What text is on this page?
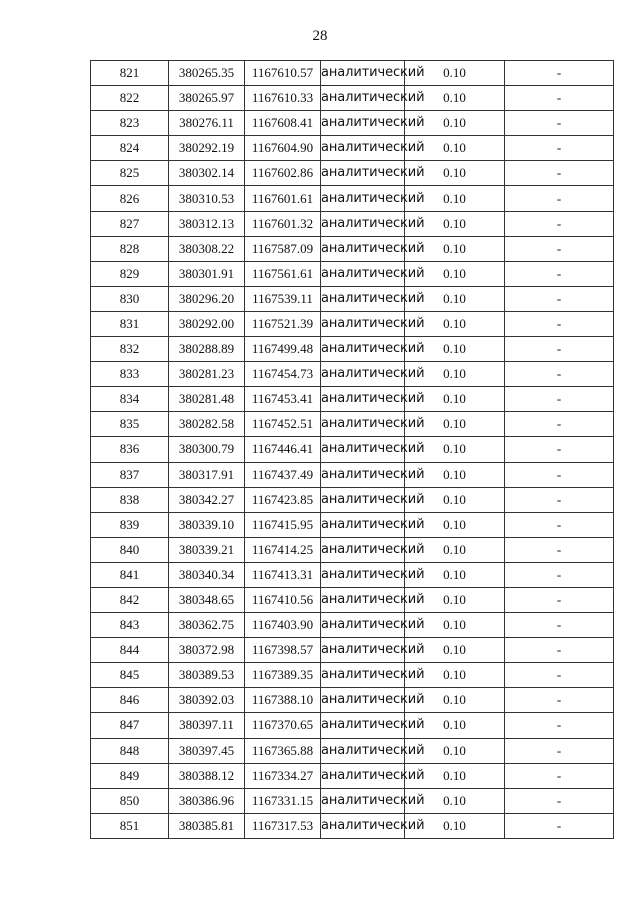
28
821	380265.35	1167610.57	аналитический	0.10	-
822	380265.97	1167610.33	аналитический	0.10	-
823	380276.11	1167608.41	аналитический	0.10	-
824	380292.19	1167604.90	аналитический	0.10	-
825	380302.14	1167602.86	аналитический	0.10	-
826	380310.53	1167601.61	аналитический	0.10	-
827	380312.13	1167601.32	аналитический	0.10	-
828	380308.22	1167587.09	аналитический	0.10	-
829	380301.91	1167561.61	аналитический	0.10	-
830	380296.20	1167539.11	аналитический	0.10	-
831	380292.00	1167521.39	аналитический	0.10	-
832	380288.89	1167499.48	аналитический	0.10	-
833	380281.23	1167454.73	аналитический	0.10	-
834	380281.48	1167453.41	аналитический	0.10	-
835	380282.58	1167452.51	аналитический	0.10	-
836	380300.79	1167446.41	аналитический	0.10	-
837	380317.91	1167437.49	аналитический	0.10	-
838	380342.27	1167423.85	аналитический	0.10	-
839	380339.10	1167415.95	аналитический	0.10	-
840	380339.21	1167414.25	аналитический	0.10	-
841	380340.34	1167413.31	аналитический	0.10	-
842	380348.65	1167410.56	аналитический	0.10	-
843	380362.75	1167403.90	аналитический	0.10	-
844	380372.98	1167398.57	аналитический	0.10	-
845	380389.53	1167389.35	аналитический	0.10	-
846	380392.03	1167388.10	аналитический	0.10	-
847	380397.11	1167370.65	аналитический	0.10	-
848	380397.45	1167365.88	аналитический	0.10	-
849	380388.12	1167334.27	аналитический	0.10	-
850	380386.96	1167331.15	аналитический	0.10	-
851	380385.81	1167317.53	аналитический	0.10	-
